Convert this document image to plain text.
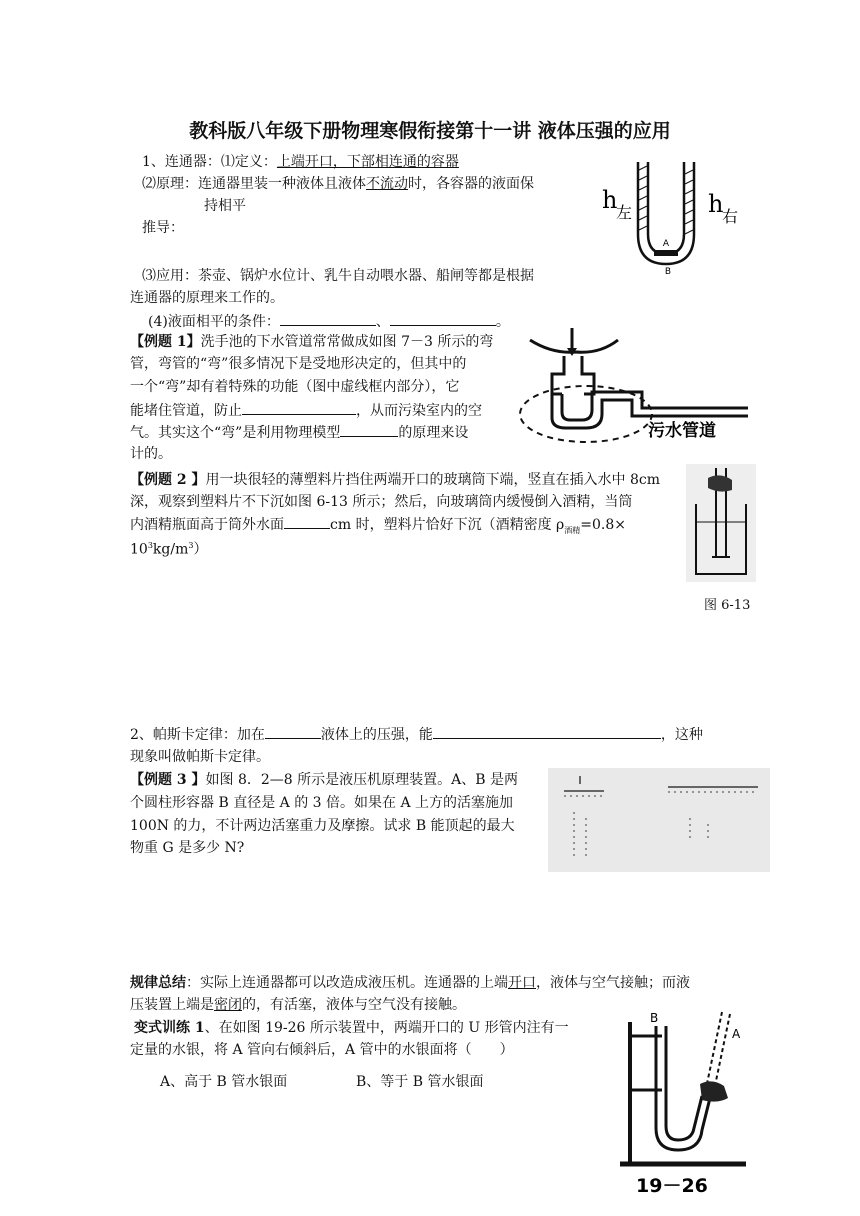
教科版八年级下册物理寒假衔接第十一讲 液体压强的应用
1、连通器：⑴定义：上端开口，下部相连通的容器
⑵原理：连通器里装一种液体且液体不流动时，各容器的液面保
持相平
推导：
⑶应用：茶壶、锅炉水位计、乳牛自动喂水器、船闸等都是根据
连通器的原理来工作的。
(4)液面相平的条件：	、	。
A
B
h
左	h
右
【例题 1】洗手池的下水管道常常做成如图 7－3 所示的弯
管，弯管的“弯”很多情况下是受地形决定的，但其中的
一个“弯”却有着特殊的功能（图中虚线框内部分），它
能堵住管道，防止	，从而污染室内的空
气。其实这个“弯”是利用物理模型	的原理来设
计的。
污水管道
【例题 2 】用一块很轻的薄塑料片挡住两端开口的玻璃筒下端，竖直在插入水中 8cm
深，观察到塑料片不下沉如图 6-13 所示；然后，向玻璃筒内缓慢倒入酒精，当筒
内酒精瓶面高于筒外水面	cm 时，塑料片恰好下沉（酒精密度 $\rho_{酒精}=0.8\times$
$10^3kg/m^3$）
图 6-13
2、帕斯卡定律：加在	液体上的压强，能	，这种
现象叫做帕斯卡定律。
【例题 3 】如图 8．2—8 所示是液压机原理装置。A、B 是两
个圆柱形容器 B 直径是 A 的 3 倍。如果在 A 上方的活塞施加
100N 的力，不计两边活塞重力及摩擦。试求 B 能顶起的最大
物重 G 是多少 N?
规律总结：实际上连通器都可以改造成液压机。连通器的上端开口，液体与空气接触；而液
压装置上端是密闭的，有活塞，液体与空气没有接触。
变式训练 1、在如图 19-26 所示装置中，两端开口的 U 形管内注有一
定量的水银，将 A 管向右倾斜后，A 管中的水银面将（　　）
A、高于 B 管水银面	B、等于 B 管水银面
B
A
19－26
